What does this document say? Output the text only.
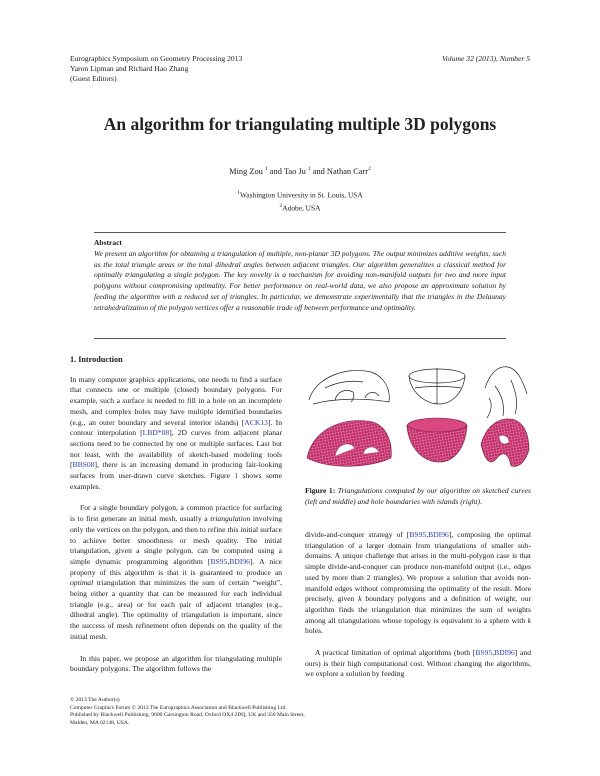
Eurographics Symposium on Geometry Processing 2013
Yaron Lipman and Richard Hao Zhang
(Guest Editors)
Volume 32 (2013), Number 5
An algorithm for triangulating multiple 3D polygons
Ming Zou $^1$ and Tao Ju $^1$ and Nathan Carr$^2$
$^1$Washington University in St. Louis, USA
$^2$Adobe, USA
Abstract
We present an algorithm for obtaining a triangulation of multiple, non-planar 3D polygons. The output minimizes additive weights, such as the total triangle areas or the total dihedral angles between adjacent triangles. Our algorithm generalizes a classical method for optimally triangulating a single polygon. The key novelty is a mechanism for avoiding non-manifold outputs for two and more input polygons without compromising optimality. For better performance on real-world data, we also propose an approximate solution by feeding the algorithm with a reduced set of triangles. In particular, we demonstrate experimentally that the triangles in the Delaunay tetrahedralization of the polygon vertices offer a reasonable trade off between performance and optimality.
1. Introduction

In many computer graphics applications, one needs to find a surface that connects one or multiple (closed) boundary polygons. For example, such a surface is needed to fill in a hole on an incomplete mesh, and complex holes may have multiple identified boundaries (e.g., an outer boundary and several interior islands) [ACK13]. In contour interpolation [LBD*08], 2D curves from adjacent planar sections need to be connected by one or multiple surfaces. Last but not least, with the availability of sketch-based modeling tools [BBS08], there is an increasing demand in producing fair-looking surfaces from user-drawn curve sketches. Figure 1 shows some examples.

For a single boundary polygon, a common practice for surfacing is to first generate an initial mesh, usually a triangulation involving only the vertices on the polygon, and then to refine this initial surface to achieve better smoothness or mesh quality. The initial triangulation, given a single polygon, can be computed using a simple dynamic programming algorithm [BS95,BDI96]. A nice property of this algorithm is that it is guaranteed to produce an optimal triangulation that minimizes the sum of certain “weight”, being either a quantity that can be measured for each individual triangle (e.g., area) or for each pair of adjacent triangles (e.g., dihedral angle). The optimality of triangulation is important, since the success of mesh refinement often depends on the quality of the initial mesh.

In this paper, we propose an algorithm for triangulating multiple boundary polygons. The algorithm follows the

Figure 1: Triangulations computed by our algorithm on sketched curves (left and middle) and hole boundaries with islands (right).

divide-and-conquer strategy of [BS95,BDI96], composing the optimal triangulation of a larger domain from triangulations of smaller sub-domains. A unique challenge that arises in the multi-polygon case is that simple divide-and-conquer can produce non-manifold output (i.e., edges used by more than 2 triangles). We propose a solution that avoids non-manifold edges without compromising the optimality of the result. More precisely, given k boundary polygons and a definition of weight, our algorithm finds the triangulation that minimizes the sum of weights among all triangulations whose topology is equivalent to a sphere with k holes.

A practical limitation of optimal algorithms (both [BS95,BDI96] and ours) is their high computational cost. Without changing the algorithms, we explore a solution by feeding

© 2013 The Author(s)
Computer Graphics Forum © 2013 The Eurographics Association and Blackwell Publishing Ltd. Published by Blackwell Publishing, 9600 Garsington Road, Oxford OX4 2DQ, UK and 350 Main Street, Malden, MA 02148, USA.
